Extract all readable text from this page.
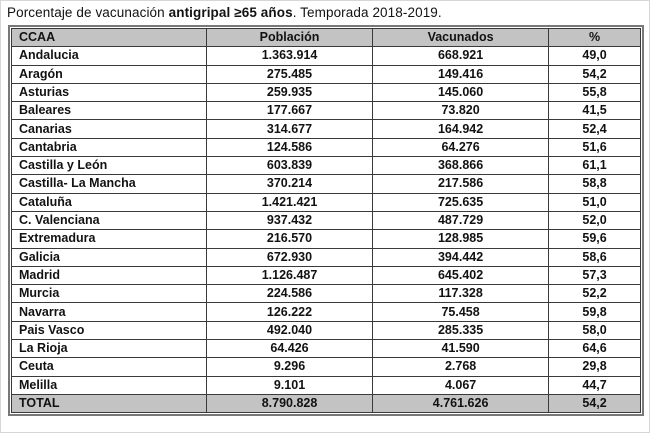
Porcentaje de vacunación antigripal ≥65 años. Temporada 2018-2019.
CCAA	Población	Vacunados	%
Andalucia	1.363.914	668.921	49,0
Aragón	275.485	149.416	54,2
Asturias	259.935	145.060	55,8
Baleares	177.667	73.820	41,5
Canarias	314.677	164.942	52,4
Cantabria	124.586	64.276	51,6
Castilla y León	603.839	368.866	61,1
Castilla- La Mancha	370.214	217.586	58,8
Cataluña	1.421.421	725.635	51,0
C. Valenciana	937.432	487.729	52,0
Extremadura	216.570	128.985	59,6
Galicia	672.930	394.442	58,6
Madrid	1.126.487	645.402	57,3
Murcia	224.586	117.328	52,2
Navarra	126.222	75.458	59,8
Pais Vasco	492.040	285.335	58,0
La Rioja	64.426	41.590	64,6
Ceuta	9.296	2.768	29,8
Melilla	9.101	4.067	44,7
TOTAL	8.790.828	4.761.626	54,2
